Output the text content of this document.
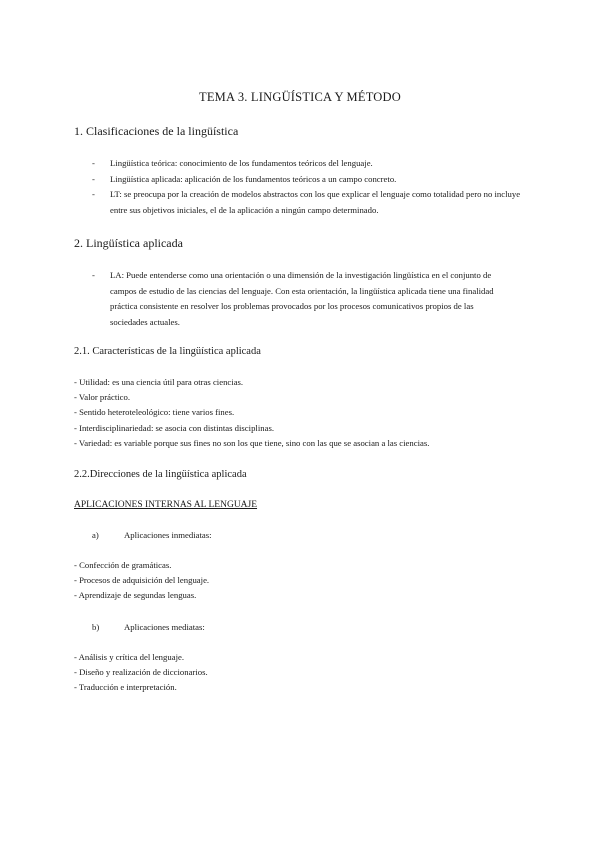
TEMA 3. LINGÜÍSTICA Y MÉTODO
1. Clasificaciones de la lingüística
- Lingüística teórica: conocimiento de los fundamentos teóricos del lenguaje.
- Lingüística aplicada: aplicación de los fundamentos teóricos a un campo concreto.
- LT: se preocupa por la creación de modelos abstractos con los que explicar el lenguaje como totalidad pero no incluye entre sus objetivos iniciales, el de la aplicación a ningún campo determinado.
2. Lingüística aplicada
- LA: Puede entenderse como una orientación o una dimensión de la investigación lingüística en el conjunto de campos de estudio de las ciencias del lenguaje. Con esta orientación, la lingüística aplicada tiene una finalidad práctica consistente en resolver los problemas provocados por los procesos comunicativos propios de las sociedades actuales.
2.1. Características de la lingüística aplicada
- Utilidad: es una ciencia útil para otras ciencias.
- Valor práctico.
- Sentido heteroteleológico: tiene varios fines.
- Interdisciplinariedad: se asocia con distintas disciplinas.
- Variedad: es variable porque sus fines no son los que tiene, sino con las que se asocian a las ciencias.
2.2.Direcciones de la lingüística aplicada
APLICACIONES INTERNAS AL LENGUAJE
a)	Aplicaciones inmediatas:
- Confección de gramáticas.
- Procesos de adquisición del lenguaje.
- Aprendizaje de segundas lenguas.
b)	Aplicaciones mediatas:
- Análisis y crítica del lenguaje.
- Diseño y realización de diccionarios.
- Traducción e interpretación.
